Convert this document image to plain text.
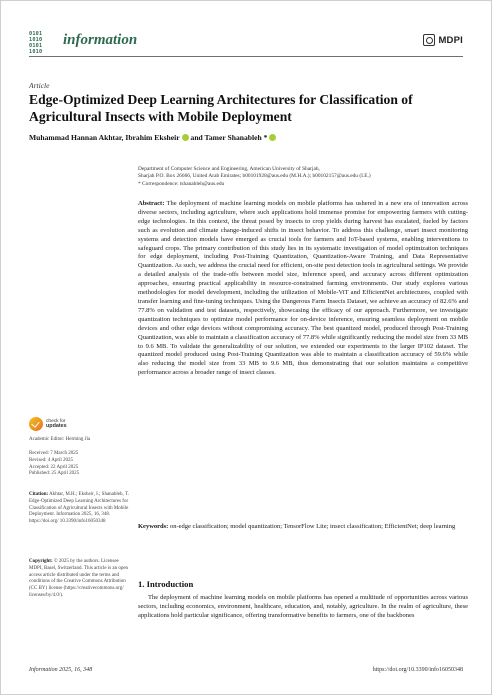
0101
1010
0101
1010
information	MDPI
Article
Edge-Optimized Deep Learning Architectures for Classification of Agricultural Insects with Mobile Deployment
Muhammad Hannan Akhtar, Ibrahim Eksheir and Tamer Shanableh *
Department of Computer Science and Engineering, American University of Sharjah,
Sharjah P.O. Box 26666, United Arab Emirates; b00101928@aus.edu (M.H.A.); b00102157@aus.edu (I.E.)
* Correspondence: tshanableh@aus.edu

Abstract: The deployment of machine learning models on mobile platforms has ushered in a new era of innovation across diverse sectors, including agriculture, where such applications hold immense promise for empowering farmers with cutting-edge technologies. In this context, the threat posed by insects to crop yields during harvest has escalated, fueled by factors such as evolution and climate change-induced shifts in insect behavior. To address this challenge, smart insect monitoring systems and detection models have emerged as crucial tools for farmers and IoT-based systems, enabling interventions to safeguard crops. The primary contribution of this study lies in its systematic investigation of model optimization techniques for edge deployment, including Post-Training Quantization, Quantization-Aware Training, and Data Representative Quantization. As such, we address the crucial need for efficient, on-site pest detection tools in agricultural settings. We provide a detailed analysis of the trade-offs between model size, inference speed, and accuracy across different optimization approaches, ensuring practical applicability in resource-constrained farming environments. Our study explores various methodologies for model development, including the utilization of Mobile-ViT and EfficientNet architectures, coupled with transfer learning and fine-tuning techniques. Using the Dangerous Farm Insects Dataset, we achieve an accuracy of 82.6% and 77.8% on validation and test datasets, respectively, showcasing the efficacy of our approach. Furthermore, we investigate quantization techniques to optimize model performance for on-device inference, ensuring seamless deployment on mobile devices and other edge devices without compromising accuracy. The best quantized model, produced through Post-Training Quantization, was able to maintain a classification accuracy of 77.8% while significantly reducing the model size from 33 MB to 9.6 MB. To validate the generalizability of our solution, we extended our experiments to the larger IP102 dataset. The quantized model produced using Post-Training Quantization was able to maintain a classification accuracy of 59.6% while also reducing the model size from 33 MB to 9.6 MB, thus demonstrating that our solution maintains a competitive performance across a broader range of insect classes.

Keywords: on-edge classification; model quantization; TensorFlow Lite; insect classification; EfficientNet; deep learning

check for
updates

Academic Editor: Herming Jia

Received: 7 March 2025
Revised: 4 April 2025
Accepted: 22 April 2025
Published: 25 April 2025

Citation: Akhtar, M.H.; Eksheir, I.; Shanableh, T. Edge-Optimized Deep Learning Architectures for Classification of Agricultural Insects with Mobile Deployment. Information 2025, 16, 348. https://doi.org/ 10.3390/info16050348

Copyright: © 2025 by the authors. Licensee MDPI, Basel, Switzerland. This article is an open access article distributed under the terms and conditions of the Creative Commons Attribution (CC BY) license (https://creativecommons.org/ licenses/by/4.0/).

1. Introduction

The deployment of machine learning models on mobile platforms has opened a multitude of opportunities across various sectors, including economics, environment, healthcare, education, and, notably, agriculture. In the realm of agriculture, these applications hold particular significance, offering transformative benefits to farmers, one of the backbones

Information 2025, 16, 348	https://doi.org/10.3390/info16050348
